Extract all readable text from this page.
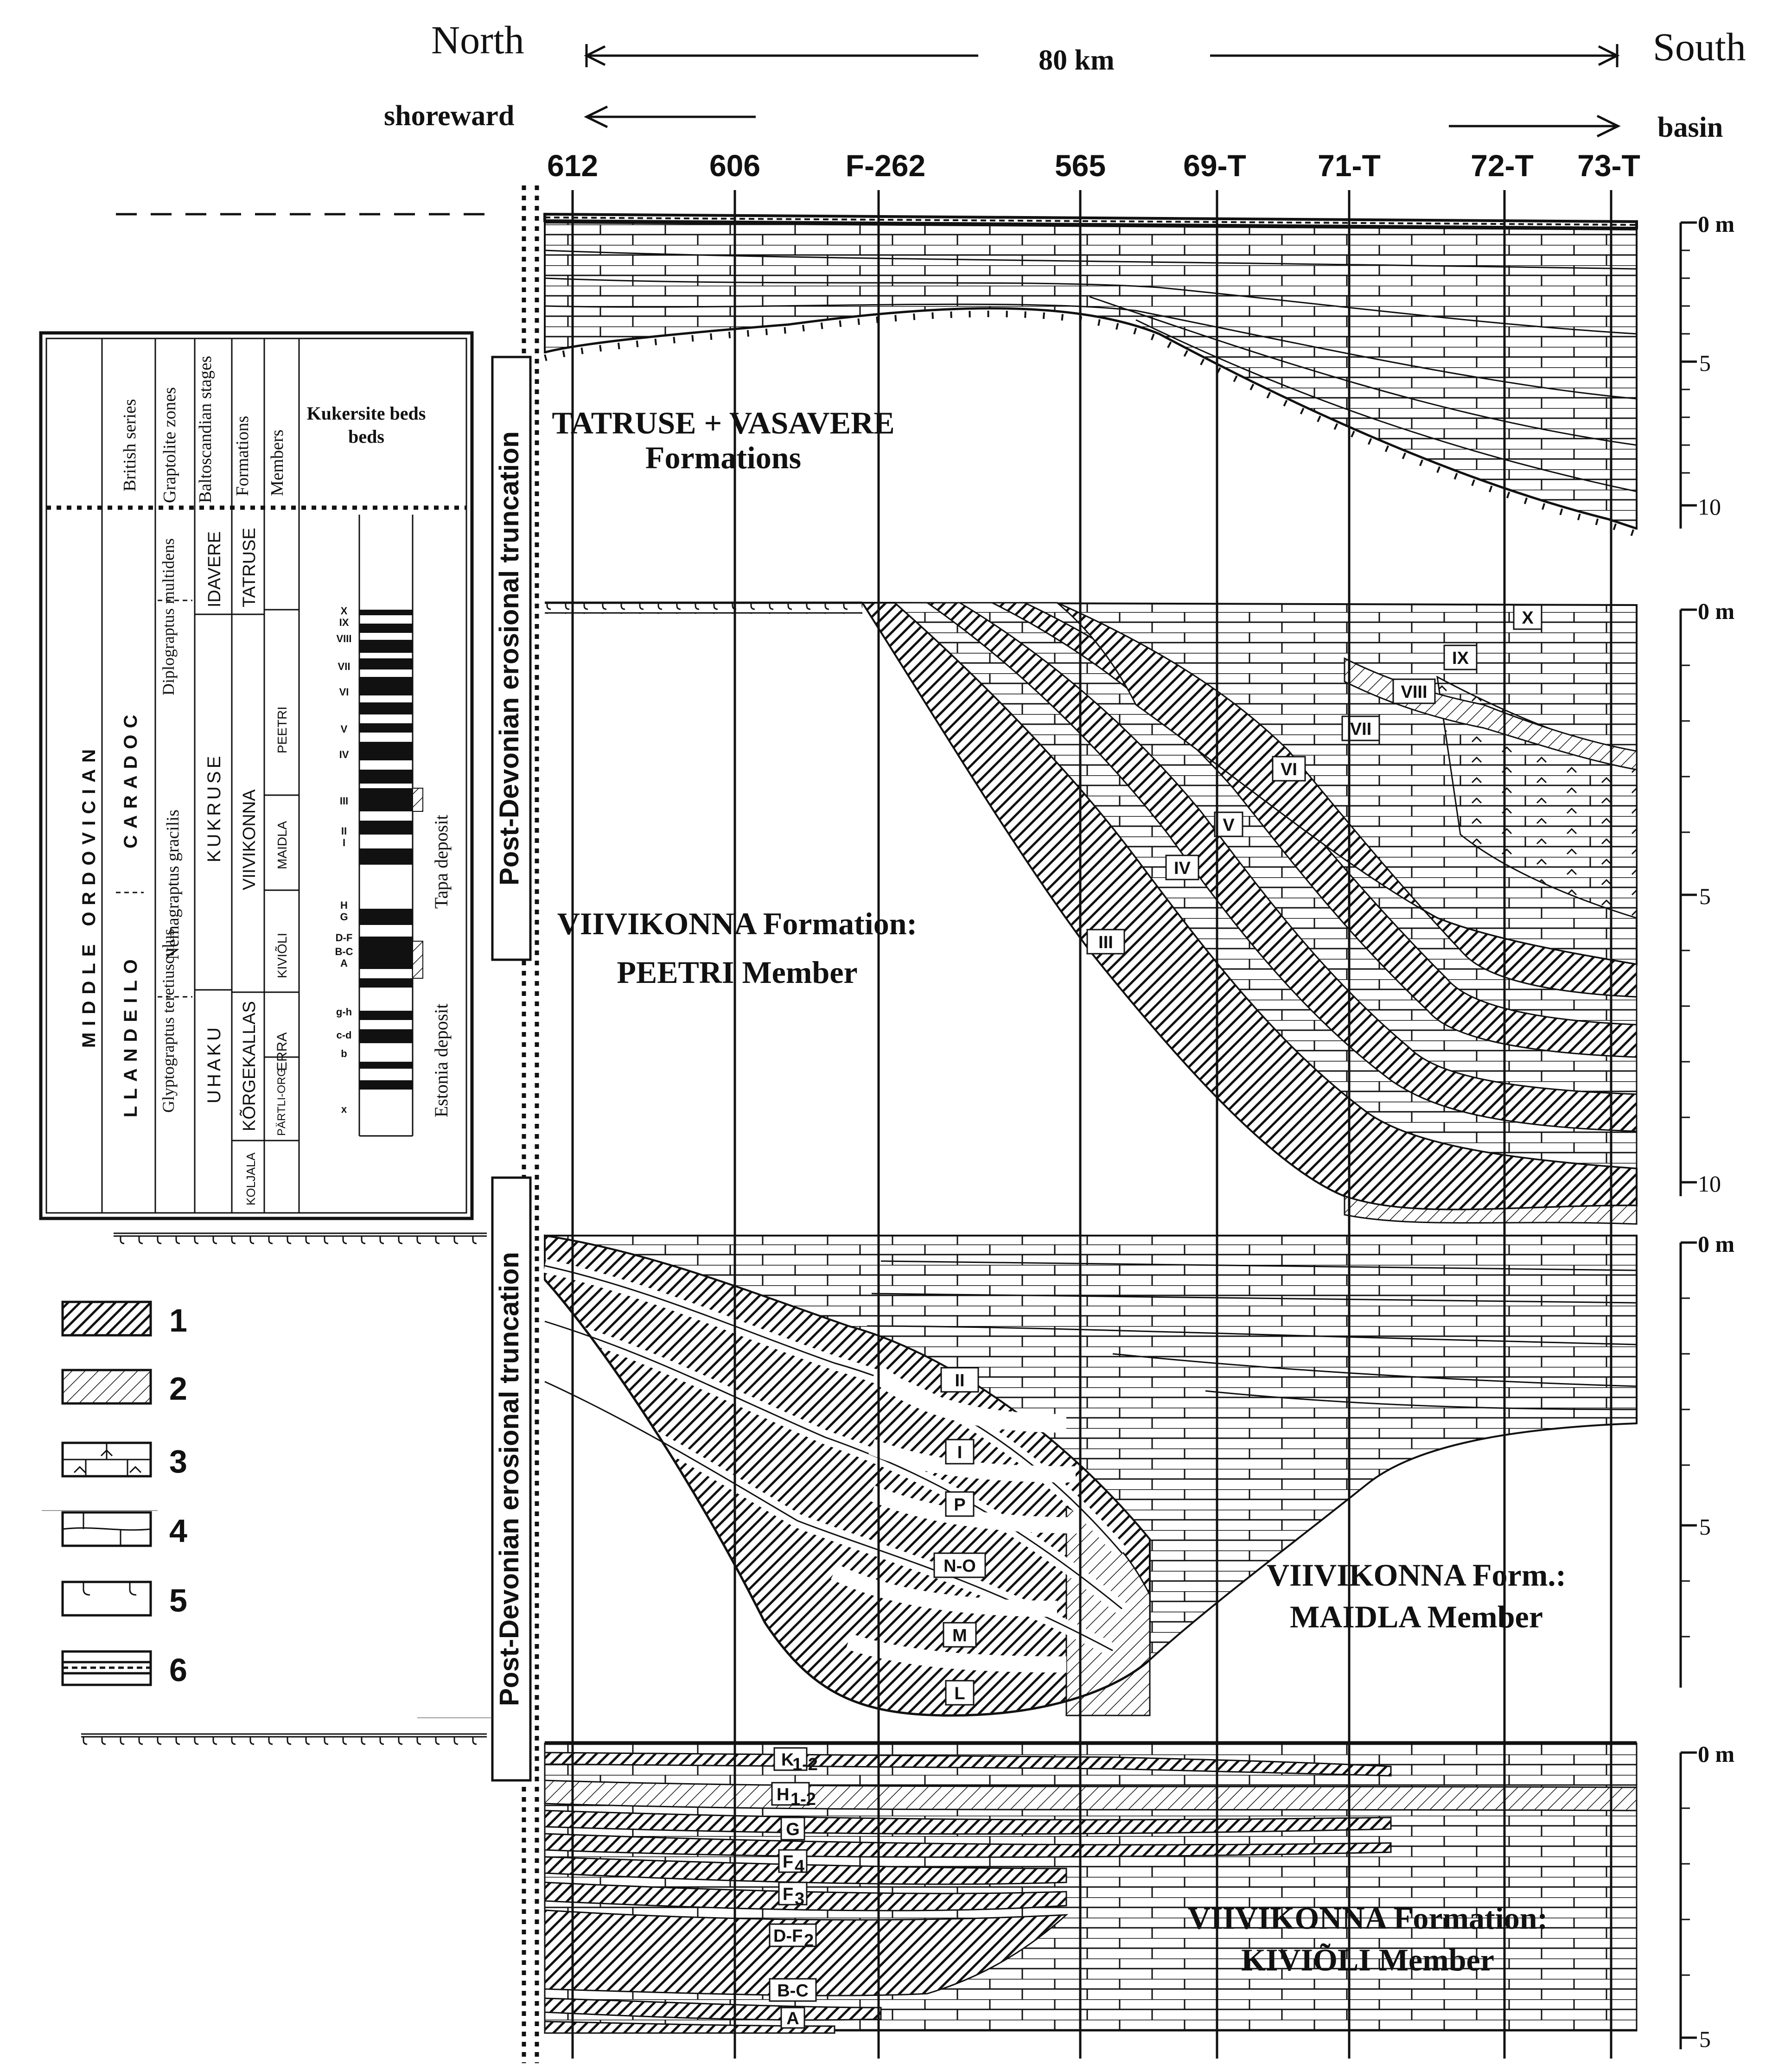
North	South
80 km
shoreward	basin
612	606	F-262	565	69-T 71-T	72-T 73-T
Post-Devonian erosional truncation
Post-Devonian erosional truncation
TATRUSE + VASAVERE
Formations
X
IX
VIII
VII
VI
V
IV
III
VIIVIKONNA Formation:
PEETRI Member
II
I
P
N-O
M
L
VIIVIKONNA Form.:
MAIDLA Member
K
1-2
H 1-2
G
F 4
F 3
D-F 2
B-C
A
VIIVIKONNA Formation:
KIVIÕLI Member
0 m
5
10
0 m
5
10
0 m
5
0 m
5
British series Graptolite zones Baltoscandian stages Formations Members
Kukersite beds
beds
MIDDLE ORDOVICIAN LLANDEILO
CARADOC
Glyptograptus teretiusculus
Nemagraptus gracilis
Diplograptus multidens
UHAKU
KUKRUSE
IDAVERE
KOLJALA
KÕRGEKALLAS
VIIVIKONNA
TATRUSE
PÄRTLI-ORG
ERRA
KIVIÕLI
MAIDLA
PEETRI
X
IX
VIII
VII
VI
V
IV
III
II
I
H
G
D-F
B-C
A
g-h
c-d
b
x
Tapa deposit
Estonia deposit
1
2
3
4
5
6
